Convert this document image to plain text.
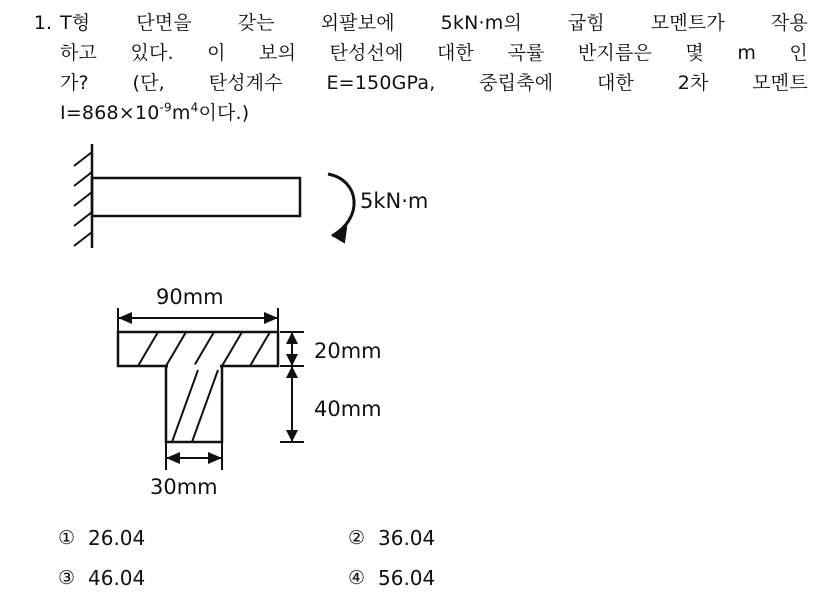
1. T형 단면을 갖는 외팔보에 5kN·m의 굽힘 모멘트가 작용
하고 있다. 이 보의 탄성선에 대한 곡률 반지름은 몇 m 인
가? (단, 탄성계수 E=150GPa, 중립축에 대한 2차 모멘트
$I=868\times 10^{-9}m^4$이다.)
5kN·m
90mm
20mm
40mm
30mm
① 26.04	② 36.04
③ 46.04	④ 56.04
